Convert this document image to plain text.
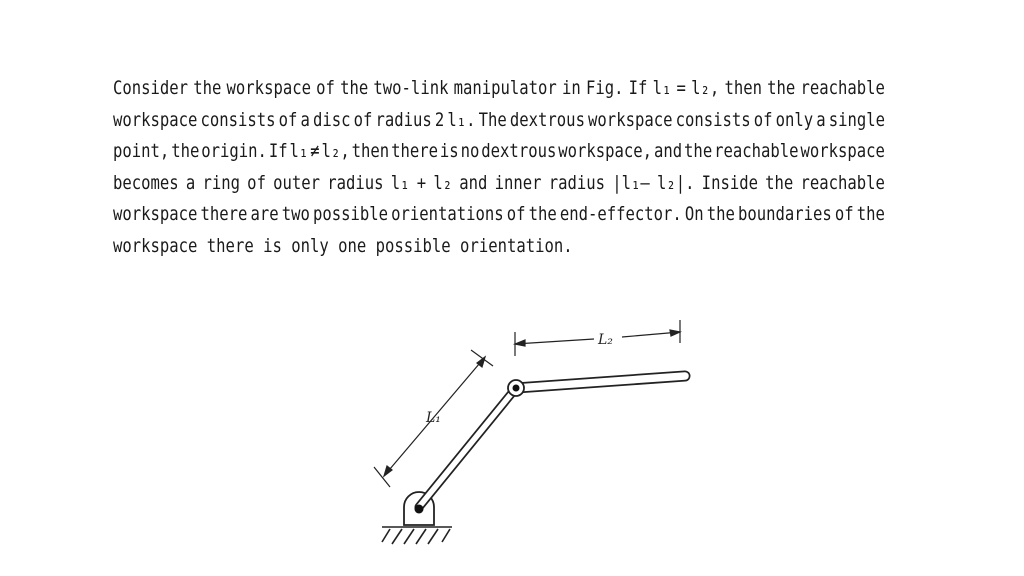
Consider the workspace of the two-link manipulator in Fig. If l₁ = l₂, then the reachable
workspace consists of a disc of radius 2 l₁. The dextrous workspace consists of only a single
point, the origin. If l₁ ≠ l₂, then there is no dextrous workspace, and the reachable workspace
becomes a ring of outer radius l₁ + l₂ and inner radius |l₁— l₂|. Inside the reachable
workspace there are two possible orientations of the end-effector. On the boundaries of the
workspace there is only one possible orientation.
L₁
L₂
